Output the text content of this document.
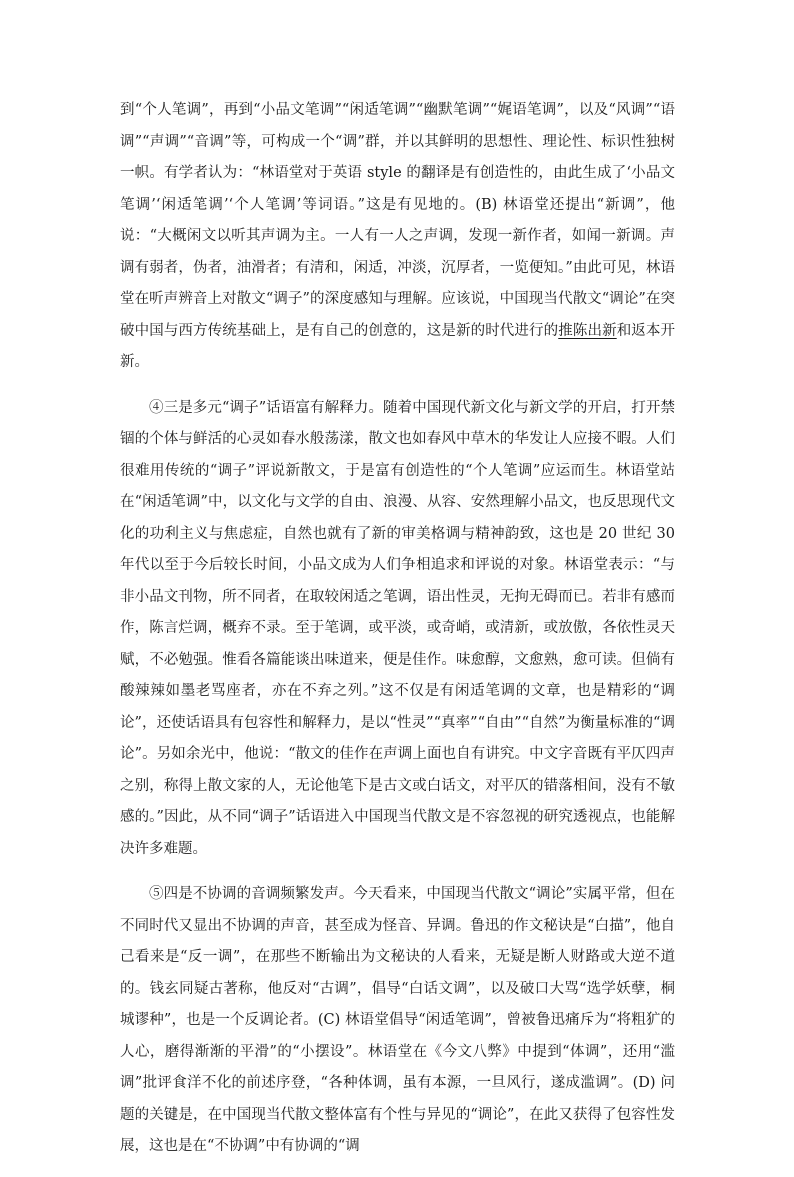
到“个人笔调”，再到“小品文笔调”“闲适笔调”“幽默笔调”“娓语笔调”，以及“风调”“语调”“声调”“音调”等，可构成一个“调”群，并以其鲜明的思想性、理论性、标识性独树一帜。有学者认为：“林语堂对于英语 style 的翻译是有创造性的，由此生成了‘小品文笔调’‘闲适笔调’‘个人笔调’等词语。”这是有见地的。(B) 林语堂还提出“新调”，他说：“大概闲文以听其声调为主。一人有一人之声调，发现一新作者，如闻一新调。声调有弱者，伪者，油滑者；有清和，闲适，冲淡，沉厚者，一览便知。”由此可见，林语堂在听声辨音上对散文“调子”的深度感知与理解。应该说，中国现当代散文“调论”在突破中国与西方传统基础上，是有自己的创意的，这是新的时代进行的推陈出新和返本开新。
④三是多元“调子”话语富有解释力。随着中国现代新文化与新文学的开启，打开禁锢的个体与鲜活的心灵如春水般荡漾，散文也如春风中草木的华发让人应接不暇。人们很难用传统的“调子”评说新散文，于是富有创造性的“个人笔调”应运而生。林语堂站在“闲适笔调”中，以文化与文学的自由、浪漫、从容、安然理解小品文，也反思现代文化的功利主义与焦虑症，自然也就有了新的审美格调与精神韵致，这也是 20 世纪 30 年代以至于今后较长时间，小品文成为人们争相追求和评说的对象。林语堂表示：“与非小品文刊物，所不同者，在取较闲适之笔调，语出性灵，无拘无碍而已。若非有感而作，陈言烂调，概弃不录。至于笔调，或平淡，或奇峭，或清新，或放傲，各依性灵天赋，不必勉强。惟看各篇能谈出味道来，便是佳作。味愈醇，文愈熟，愈可读。但倘有酸辣辣如墨老骂座者，亦在不弃之列。”这不仅是有闲适笔调的文章，也是精彩的“调论”，还使话语具有包容性和解释力，是以“性灵”“真率”“自由”“自然”为衡量标准的“调论”。另如余光中，他说：“散文的佳作在声调上面也自有讲究。中文字音既有平仄四声之别，称得上散文家的人，无论他笔下是古文或白话文，对平仄的错落相间，没有不敏感的。”因此，从不同“调子”话语进入中国现当代散文是不容忽视的研究透视点，也能解决许多难题。
⑤四是不协调的音调频繁发声。今天看来，中国现当代散文“调论”实属平常，但在不同时代又显出不协调的声音，甚至成为怪音、异调。鲁迅的作文秘诀是“白描”，他自己看来是“反一调”，在那些不断输出为文秘诀的人看来，无疑是断人财路或大逆不道的。钱玄同疑古著称，他反对“古调”，倡导“白话文调”，以及破口大骂“选学妖孽，桐城谬种”，也是一个反调论者。(C) 林语堂倡导“闲适笔调”，曾被鲁迅痛斥为“将粗犷的人心，磨得渐渐的平滑”的“小摆设”。林语堂在《今文八弊》中提到“体调”，还用“滥调”批评食洋不化的前述序登，“各种体调，虽有本源，一旦风行，遂成滥调”。(D) 问题的关键是，在中国现当代散文整体富有个性与异见的“调论”，在此又获得了包容性发展，这也是在“不协调”中有协调的“调
